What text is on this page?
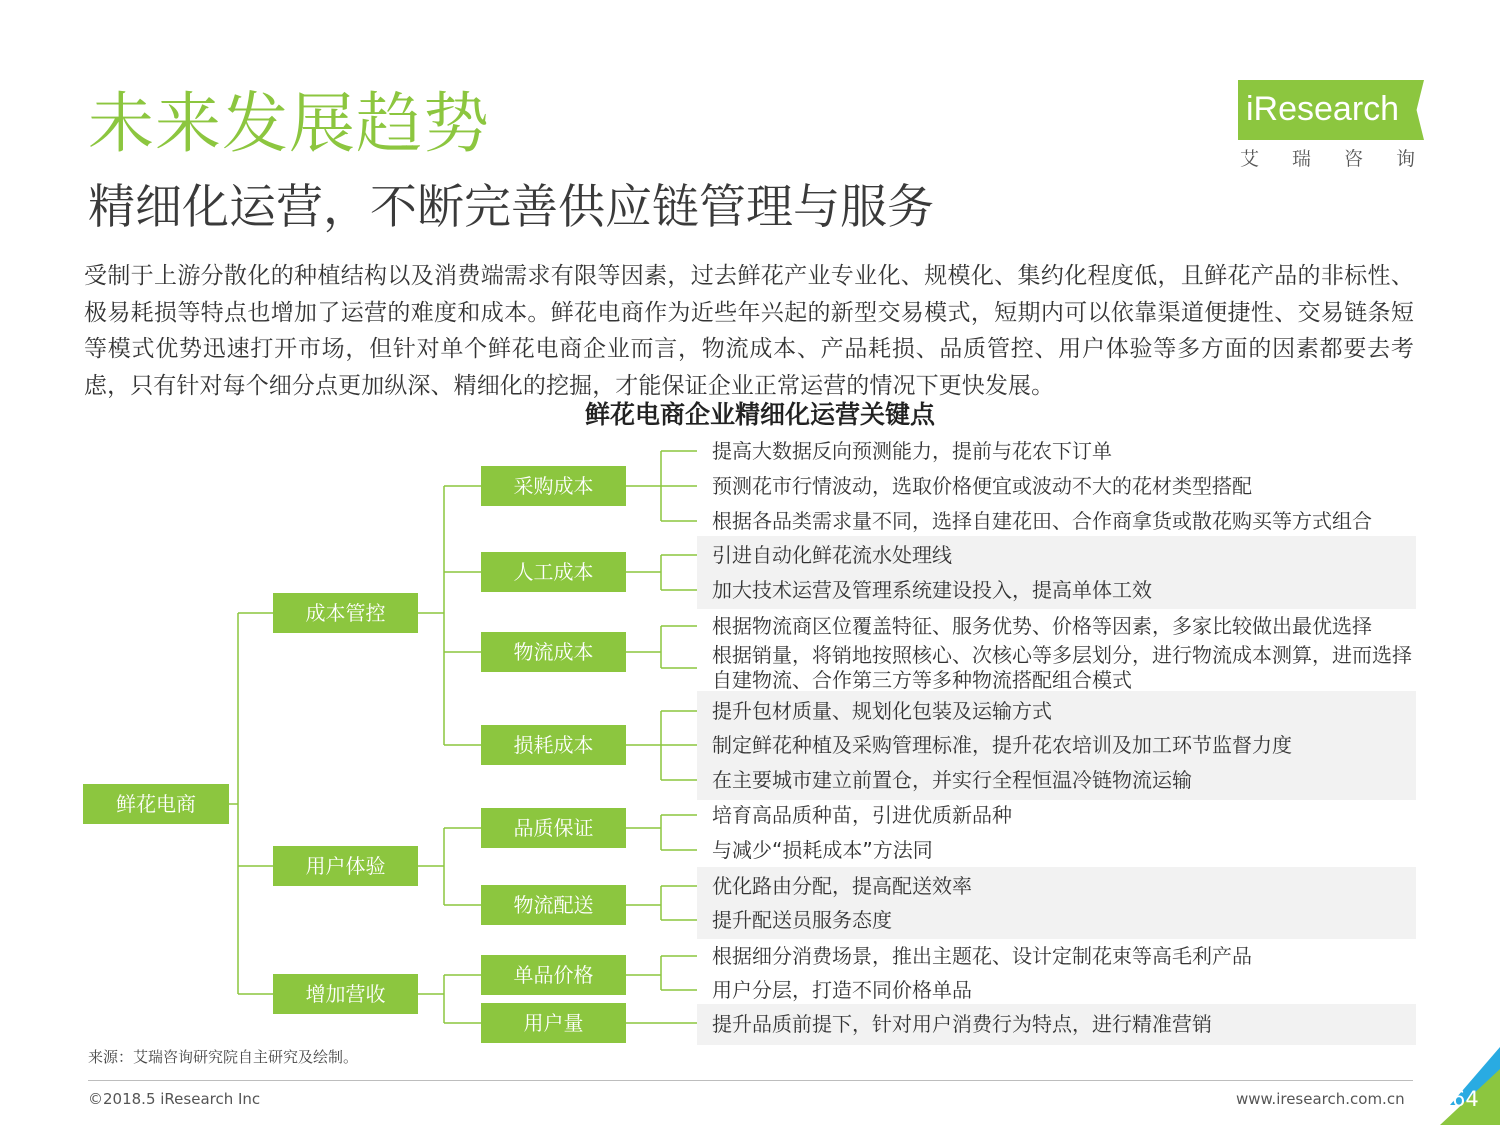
未来发展趋势
精细化运营，不断完善供应链管理与服务
iResearch
艾瑞咨询
受制于上游分散化的种植结构以及消费端需求有限等因素，过去鲜花产业专业化、规模化、集约化程度低，且鲜花产品的非标性、极易耗损等特点也增加了运营的难度和成本。鲜花电商作为近些年兴起的新型交易模式，短期内可以依靠渠道便捷性、交易链条短等模式优势迅速打开市场，但针对单个鲜花电商企业而言，物流成本、产品耗损、品质管控、用户体验等多方面的因素都要去考虑，只有针对每个细分点更加纵深、精细化的挖掘，才能保证企业正常运营的情况下更快发展。
鲜花电商企业精细化运营关键点
鲜花电商
成本管控
用户体验
增加营收
采购成本
人工成本
物流成本
损耗成本
品质保证
物流配送
单品价格
用户量
提高大数据反向预测能力，提前与花农下订单
预测花市行情波动，选取价格便宜或波动不大的花材类型搭配
根据各品类需求量不同，选择自建花田、合作商拿货或散花购买等方式组合
引进自动化鲜花流水处理线
加大技术运营及管理系统建设投入，提高单体工效
根据物流商区位覆盖特征、服务优势、价格等因素，多家比较做出最优选择
根据销量，将销地按照核心、次核心等多层划分，进行物流成本测算，进而选择自建物流、合作第三方等多种物流搭配组合模式
提升包材质量、规划化包装及运输方式
制定鲜花种植及采购管理标准，提升花农培训及加工环节监督力度
在主要城市建立前置仓，并实行全程恒温冷链物流运输
培育高品质种苗，引进优质新品种
与减少“损耗成本”方法同
优化路由分配，提高配送效率
提升配送员服务态度
根据细分消费场景，推出主题花、设计定制花束等高毛利产品
用户分层，打造不同价格单品
提升品质前提下，针对用户消费行为特点，进行精准营销
来源：艾瑞咨询研究院自主研究及绘制。
©2018.5 iResearch Inc	www.iresearch.com.cn 64
